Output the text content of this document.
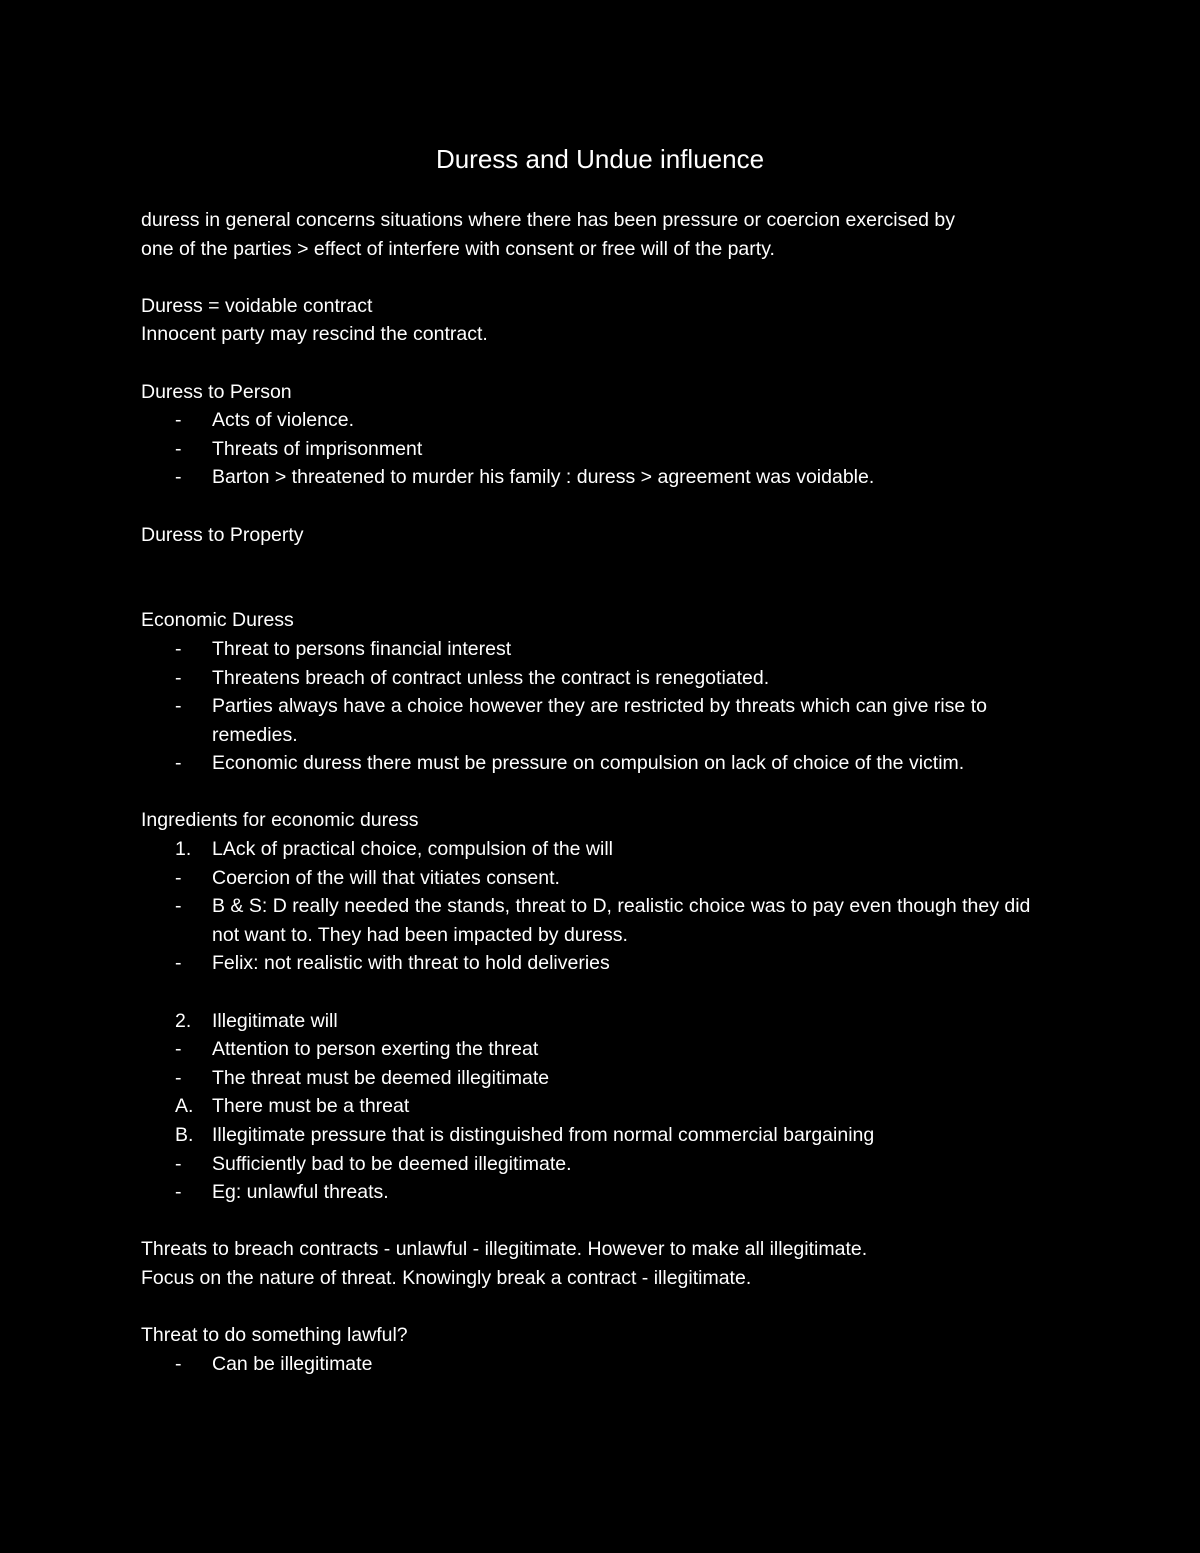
Duress and Undue influence

duress in general concerns situations where there has been pressure or coercion exercised by

one of the parties > effect of interfere with consent or free will of the party.

Duress = voidable contract

Innocent party may rescind the contract.

Duress to Person

- Acts of violence.
- Threats of imprisonment
- Barton > threatened to murder his family : duress > agreement was voidable.

Duress to Property

Economic Duress

- Threat to persons financial interest
- Threatens breach of contract unless the contract is renegotiated.
- Parties always have a choice however they are restricted by threats which can give rise to remedies.
- Economic duress there must be pressure on compulsion on lack of choice of the victim.

Ingredients for economic duress

1. LAck of practical choice, compulsion of the will
- Coercion of the will that vitiates consent.
- B & S: D really needed the stands, threat to D, realistic choice was to pay even though they did not want to. They had been impacted by duress.
- Felix: not realistic with threat to hold deliveries
2. Illegitimate will
- Attention to person exerting the threat
- The threat must be deemed illegitimate
A. There must be a threat
B. Illegitimate pressure that is distinguished from normal commercial bargaining
- Sufficiently bad to be deemed illegitimate.
- Eg: unlawful threats.

Threats to breach contracts - unlawful - illegitimate. However to make all illegitimate.

Focus on the nature of threat. Knowingly break a contract - illegitimate.

Threat to do something lawful?

- Can be illegitimate
